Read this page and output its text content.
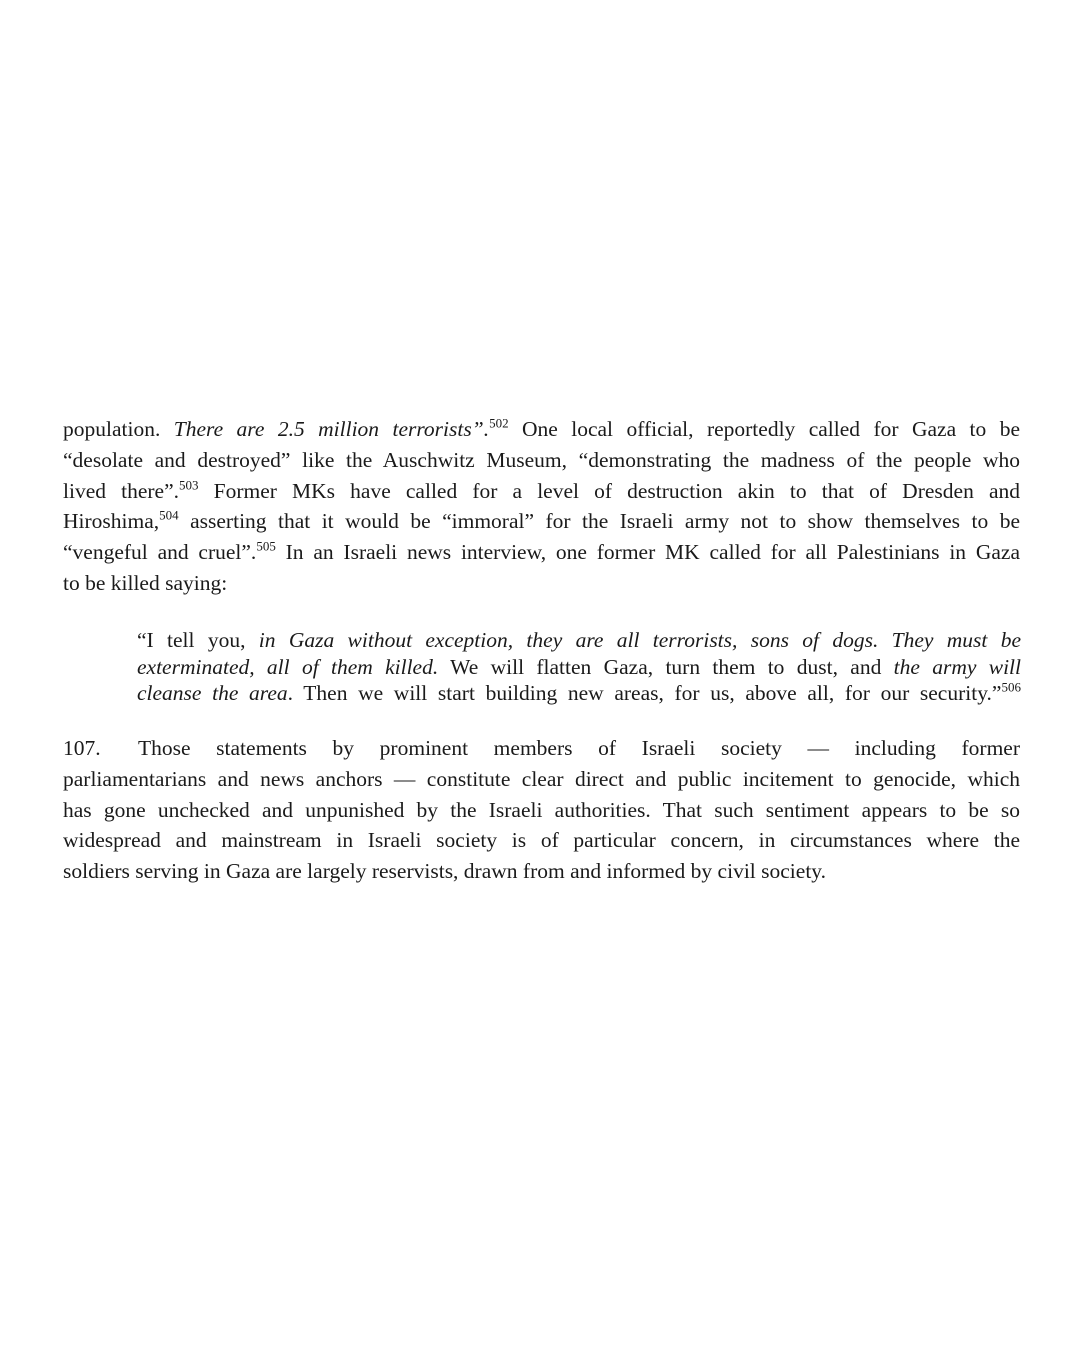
population. There are 2.5 million terrorists”.$^{502}$ One local official, reportedly called for Gaza to be
“desolate and destroyed” like the Auschwitz Museum, “demonstrating the madness of the people who
lived there”.$^{503}$ Former MKs have called for a level of destruction akin to that of Dresden and
Hiroshima,$^{504}$ asserting that it would be “immoral” for the Israeli army not to show themselves to be
“vengeful and cruel”.$^{505}$ In an Israeli news interview, one former MK called for all Palestinians in Gaza
to be killed saying:
“I tell you, in Gaza without exception, they are all terrorists, sons of dogs. They must be
exterminated, all of them killed. We will flatten Gaza, turn them to dust, and the army will
cleanse the area. Then we will start building new areas, for us, above all, for our security.”$^{506}$
107. Those statements by prominent members of Israeli society — including former
parliamentarians and news anchors — constitute clear direct and public incitement to genocide, which
has gone unchecked and unpunished by the Israeli authorities. That such sentiment appears to be so
widespread and mainstream in Israeli society is of particular concern, in circumstances where the
soldiers serving in Gaza are largely reservists, drawn from and informed by civil society.
